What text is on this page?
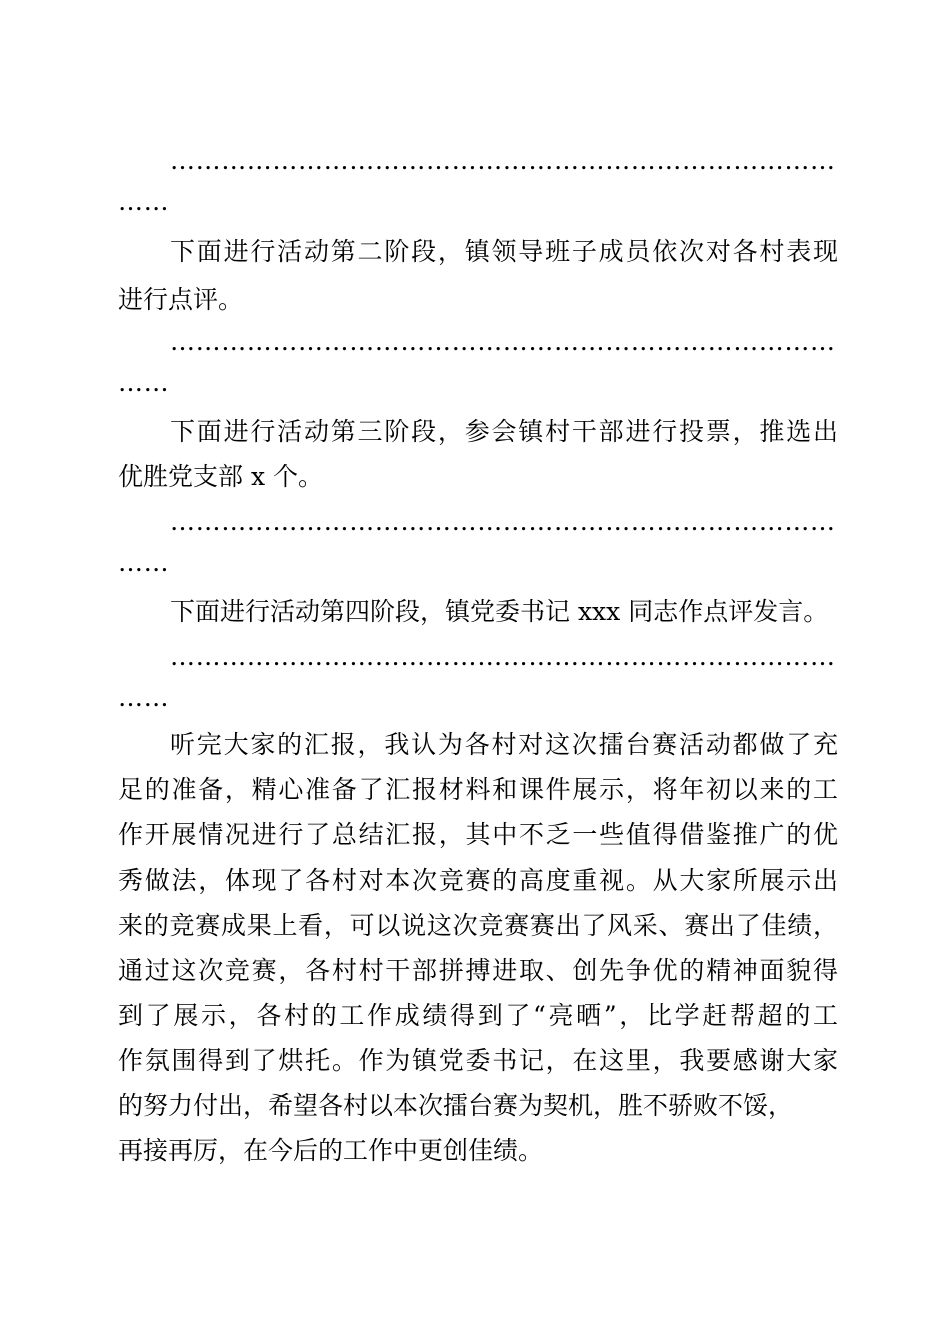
……………………………………………………………………
……
下面进行活动第二阶段，镇领导班子成员依次对各村表现
进行点评。
……………………………………………………………………
……
下面进行活动第三阶段，参会镇村干部进行投票，推选出
优胜党支部 x 个。
……………………………………………………………………
……
下面进行活动第四阶段，镇党委书记 xxx 同志作点评发言。
……………………………………………………………………
……
听完大家的汇报，我认为各村对这次擂台赛活动都做了充
足的准备，精心准备了汇报材料和课件展示，将年初以来的工
作开展情况进行了总结汇报，其中不乏一些值得借鉴推广的优
秀做法，体现了各村对本次竞赛的高度重视。从大家所展示出
来的竞赛成果上看，可以说这次竞赛赛出了风采、赛出了佳绩，
通过这次竞赛，各村村干部拼搏进取、创先争优的精神面貌得
到了展示，各村的工作成绩得到了“亮晒”，比学赶帮超的工
作氛围得到了烘托。作为镇党委书记，在这里，我要感谢大家
的努力付出，希望各村以本次擂台赛为契机，胜不骄败不馁，
再接再厉，在今后的工作中更创佳绩。
